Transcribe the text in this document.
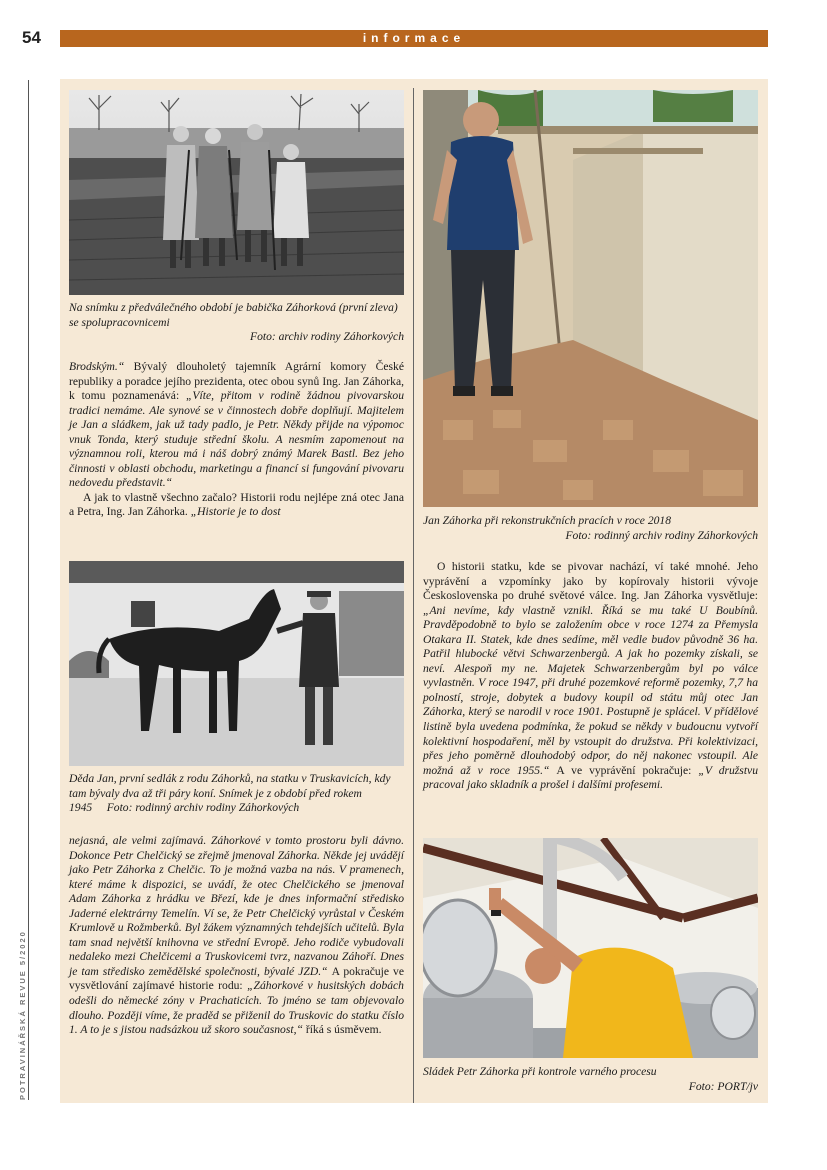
54	informace
POTRAVINÁŘSKÁ REVUE 5/2020
Na snímku z předválečného období je babička Záhorková (první zleva) se spolupracovnicemi
Foto: archiv rodiny Záhorkových

Brodským.“ Bývalý dlouholetý tajemník Agrární komory České republiky a poradce jejího prezidenta, otec obou synů Ing. Jan Záhorka, k tomu poznamenává: „Víte, přitom v rodině žádnou pivovarskou tradici nemáme. Ale synové se v činnostech dobře doplňují. Majitelem je Jan a sládkem, jak už tady padlo, je Petr. Někdy přijde na výpomoc vnuk Tonda, který studuje střední školu. A nesmím zapomenout na významnou roli, kterou má i náš dobrý známý Marek Bastl. Bez jeho činnosti v oblasti obchodu, marketingu a financí si fungování pivovaru nedovedu představit.“

A jak to vlastně všechno začalo? Historii rodu nejlépe zná otec Jana a Petra, Ing. Jan Záhorka. „Historie je to dost

Děda Jan, první sedlák z rodu Záhorků, na statku v Truskavicích, kdy tam bývaly dva až tři páry koní. Snímek je z období před rokem 1945 Foto: rodinný archiv rodiny Záhorkových

nejasná, ale velmi zajímavá. Záhorkové v tomto prostoru byli dávno. Dokonce Petr Chelčický se zřejmě jmenoval Záhorka. Někde jej uvádějí jako Petr Záhorka z Chelčic. To je možná vazba na nás. V pramenech, které máme k dispozici, se uvádí, že otec Chelčického se jmenoval Adam Záhorka z hrádku ve Březí, kde je dnes informační středisko Jaderné elektrárny Temelín. Ví se, že Petr Chelčický vyrůstal v Českém Krumlově u Rožmberků. Byl žákem významných tehdejších učitelů. Byla tam snad největší knihovna ve střední Evropě. Jeho rodiče vybudovali nedaleko mezi Chelčicemi a Truskovicemi tvrz, nazvanou Záhoří. Dnes je tam středisko zemědělské společnosti, bývalé JZD.“ A pokračuje ve vysvětlování zajímavé historie rodu: „Záhorkové v husitských dobách odešli do německé zóny v Prachaticích. To jméno se tam objevovalo dlouho. Později víme, že praděd se přiženil do Truskovic do statku číslo 1. A to je s jistou nadsázkou už skoro současnost,“ říká s úsměvem.

Jan Záhorka při rekonstrukčních pracích v roce 2018
Foto: rodinný archiv rodiny Záhorkových

O historii statku, kde se pivovar nachází, ví také mnohé. Jeho vyprávění a vzpomínky jako by kopírovaly historii vývoje Československa po druhé světové válce. Ing. Jan Záhorka vysvětluje: „Ani nevíme, kdy vlastně vznikl. Říká se mu také U Boubínů. Pravděpodobně to bylo se založením obce v roce 1274 za Přemysla Otakara II. Statek, kde dnes sedíme, měl vedle budov původně 36 ha. Patřil hlubocké větvi Schwarzenbergů. A jak ho pozemky získali, se neví. Alespoň my ne. Majetek Schwarzenbergům byl po válce vyvlastněn. V roce 1947, při druhé pozemkové reformě pozemky, 7,7 ha polností, stroje, dobytek a budovy koupil od státu můj otec Jan Záhorka, který se narodil v roce 1901. Postupně je splácel. V přídělové listině byla uvedena podmínka, že pokud se někdy v budoucnu vytvoří kolektivní hospodaření, měl by vstoupit do družstva. Při kolektivizaci, přes jeho poměrně dlouhodobý odpor, do něj nakonec vstoupil. Ale možná až v roce 1955.“ A ve vyprávění pokračuje: „V družstvu pracoval jako skladník a prošel i dalšími profesemi.

Sládek Petr Záhorka při kontrole varného procesu
Foto: PORT/jv
